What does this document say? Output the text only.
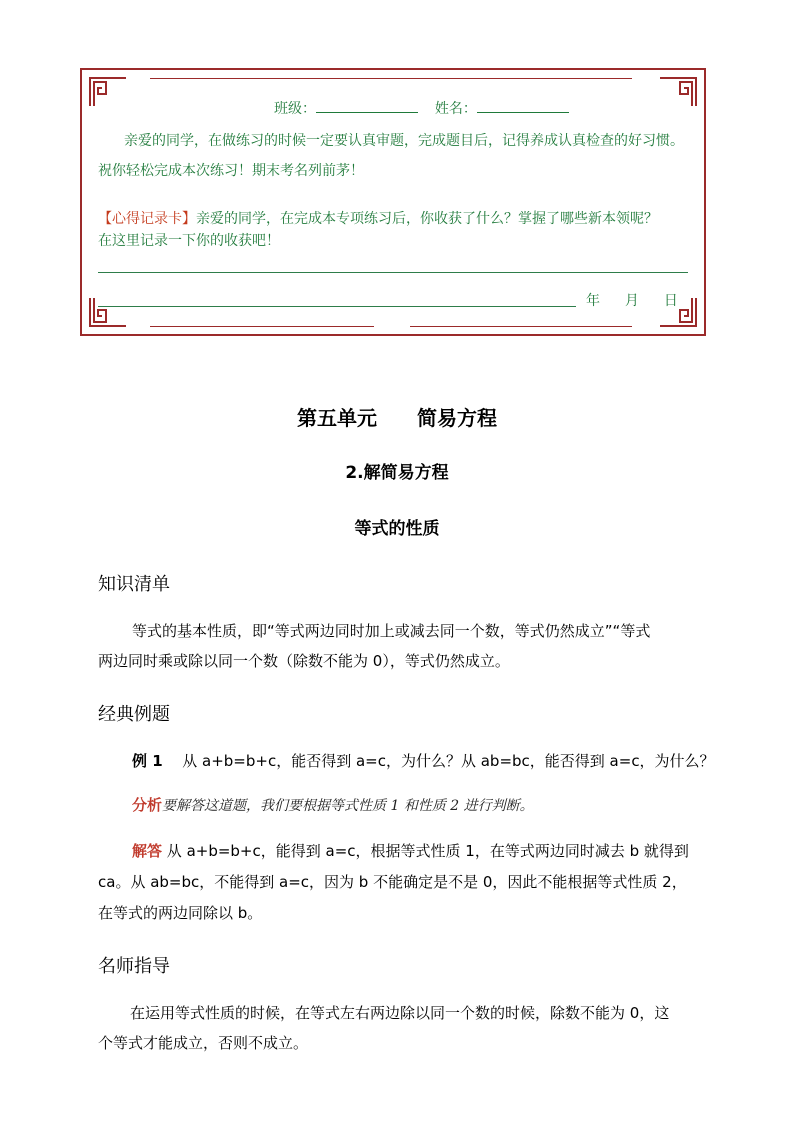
班级：	姓名：
亲爱的同学，在做练习的时候一定要认真审题，完成题目后，记得养成认真检查的好习惯。
祝你轻松完成本次练习！期末考名列前茅！
【心得记录卡】亲爱的同学，在完成本专项练习后，你收获了什么？掌握了哪些新本领呢？
在这里记录一下你的收获吧！
年 月 日
第五单元　　简易方程
2.解简易方程
等式的性质
知识清单
等式的基本性质，即“等式两边同时加上或减去同一个数，等式仍然成立”“等式
两边同时乘或除以同一个数（除数不能为 0），等式仍然成立。
经典例题
例 1 从 a+b=b+c，能否得到 a=c，为什么？从 ab=bc，能否得到 a=c，为什么？
分析要解答这道题，我们要根据等式性质 1 和性质 2 进行判断。
解答 从 a+b=b+c，能得到 a=c，根据等式性质 1，在等式两边同时减去 b 就得到
ca。从 ab=bc，不能得到 a=c，因为 b 不能确定是不是 0，因此不能根据等式性质 2，
在等式的两边同除以 b。
名师指导
在运用等式性质的时候，在等式左右两边除以同一个数的时候，除数不能为 0，这
个等式才能成立，否则不成立。
